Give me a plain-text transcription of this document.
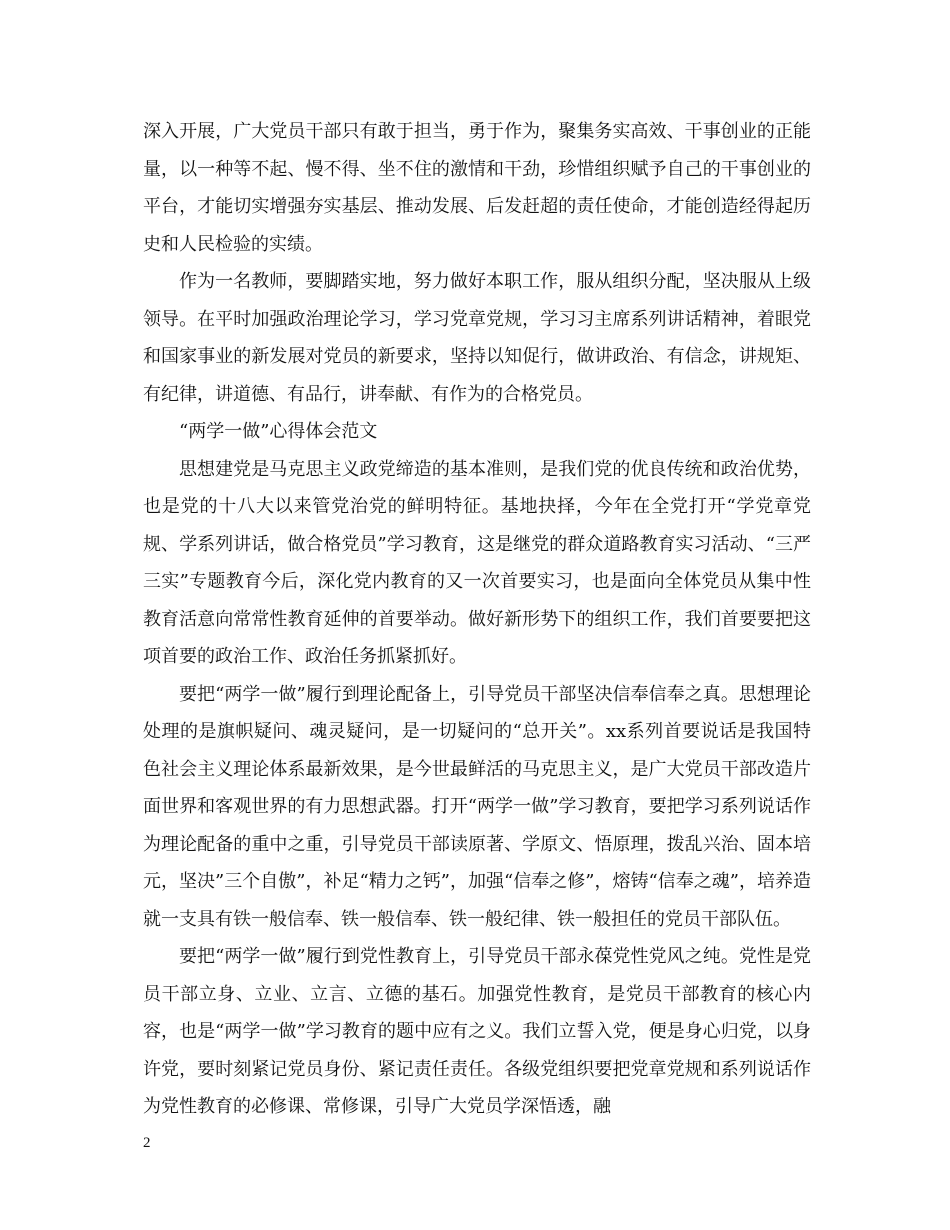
深入开展，广大党员干部只有敢于担当，勇于作为，聚集务实高效、干事创业的正能量，以一种等不起、慢不得、坐不住的激情和干劲，珍惜组织赋予自己的干事创业的平台，才能切实增强夯实基层、推动发展、后发赶超的责任使命，才能创造经得起历史和人民检验的实绩。

作为一名教师，要脚踏实地，努力做好本职工作，服从组织分配，坚决服从上级领导。在平时加强政治理论学习，学习党章党规，学习习主席系列讲话精神，着眼党和国家事业的新发展对党员的新要求，坚持以知促行，做讲政治、有信念，讲规矩、有纪律，讲道德、有品行，讲奉献、有作为的合格党员。

“两学一做”心得体会范文

思想建党是马克思主义政党缔造的基本准则，是我们党的优良传统和政治优势，也是党的十八大以来管党治党的鲜明特征。基地抉择，今年在全党打开“学党章党规、学系列讲话，做合格党员”学习教育，这是继党的群众道路教育实习活动、“三严三实”专题教育今后，深化党内教育的又一次首要实习，也是面向全体党员从集中性教育活意向常常性教育延伸的首要举动。做好新形势下的组织工作，我们首要要把这项首要的政治工作、政治任务抓紧抓好。

要把“两学一做”履行到理论配备上，引导党员干部坚决信奉信奉之真。思想理论处理的是旗帜疑问、魂灵疑问，是一切疑问的“总开关”。xx系列首要说话是我国特色社会主义理论体系最新效果，是今世最鲜活的马克思主义，是广大党员干部改造片面世界和客观世界的有力思想武器。打开“两学一做”学习教育，要把学习系列说话作为理论配备的重中之重，引导党员干部读原著、学原文、悟原理，拨乱兴治、固本培元，坚决”三个自傲”，补足“精力之钙”，加强“信奉之修”，熔铸“信奉之魂”，培养造就一支具有铁一般信奉、铁一般信奉、铁一般纪律、铁一般担任的党员干部队伍。

要把“两学一做”履行到党性教育上，引导党员干部永葆党性党风之纯。党性是党员干部立身、立业、立言、立德的基石。加强党性教育，是党员干部教育的核心内容，也是“两学一做”学习教育的题中应有之义。我们立誓入党，便是身心归党，以身许党，要时刻紧记党员身份、紧记责任责任。各级党组织要把党章党规和系列说话作为党性教育的必修课、常修课，引导广大党员学深悟透，融

2
